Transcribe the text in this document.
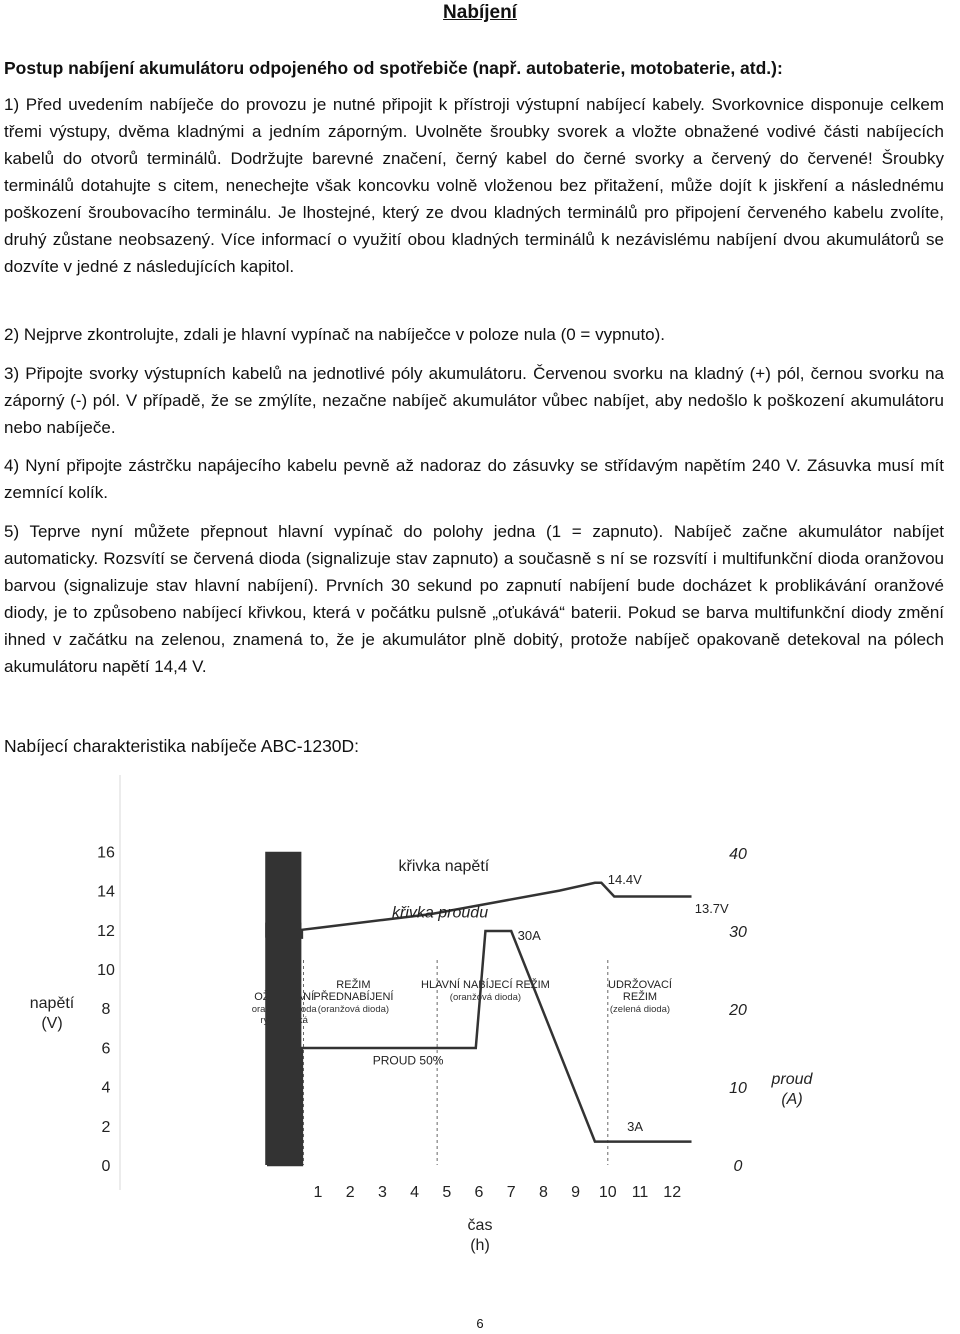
Nabíjení
Postup nabíjení akumulátoru odpojeného od spotřebiče (např. autobaterie, motobaterie, atd.):

1) Před uvedením nabíječe do provozu je nutné připojit k přístroji výstupní nabíjecí kabely. Svorkovnice disponuje celkem třemi výstupy, dvěma kladnými a jedním záporným. Uvolněte šroubky svorek a vložte obnažené vodivé části nabíjecích kabelů do otvorů terminálů. Dodržujte barevné značení, černý kabel do černé svorky a červený do červené! Šroubky terminálů dotahujte s citem, nenechejte však koncovku volně vloženou bez přitažení, může dojít k jiskření a následnému poškození šroubovacího terminálu. Je lhostejné, který ze dvou kladných terminálů pro připojení červeného kabelu zvolíte, druhý zůstane neobsazený. Více informací o využití obou kladných terminálů k nezávislému nabíjení dvou akumulátorů se dozvíte v jedné z následujících kapitol.

2) Nejprve zkontrolujte, zdali je hlavní vypínač na nabíječce v poloze nula (0 = vypnuto).

3) Připojte svorky výstupních kabelů na jednotlivé póly akumulátoru. Červenou svorku na kladný (+) pól, černou svorku na záporný (-) pól. V případě, že se zmýlíte, nezačne nabíječ akumulátor vůbec nabíjet, aby nedošlo k poškození akumulátoru nebo nabíječe.

4) Nyní připojte zástrčku napájecího kabelu pevně až nadoraz do zásuvky se střídavým napětím 240 V. Zásuvka musí mít zemnící kolík.

5) Teprve nyní můžete přepnout hlavní vypínač do polohy jedna (1 = zapnuto). Nabíječ začne akumulátor nabíjet automaticky. Rozsvítí se červená dioda (signalizuje stav zapnuto) a současně s ní se rozsvítí i multifunkční dioda oranžovou barvou (signalizuje stav hlavní nabíjení). Prvních 30 sekund po zapnutí nabíjení bude docházet k problikávání oranžové diody, je to způsobeno nabíjecí křivkou, která v počátku pulsně „oťukává“ baterii. Pokud se barva multifunkční diody změní ihned v začátku na zelenou, znamená to, že je akumulátor plně dobitý, protože nabíječ opakovaně detekoval na pólech akumulátoru napětí 14,4 V.

Nabíjecí charakteristika nabíječe ABC-1230D:
0
2
4
6
8
10
12
14
16
0
10
20
30
40
1 2 3 4 5 6 7 8 9 10 11 12
napětí
(V)
proud
(A)
čas
(h)
REŽIM
OŽIVOVÁNÍ
oranžová dioda
rychle bliká
REŽIM
PŘEDNABÍJENÍ
(oranžová dioda)
HLAVNÍ NABÍJECÍ REŽIM
(oranžová dioda)
UDRŽOVACÍ
REŽIM
(zelená dioda)
křivka napětí
křivka proudu
14.4V
13.7V
30A
3A
PROUD 50%
6
